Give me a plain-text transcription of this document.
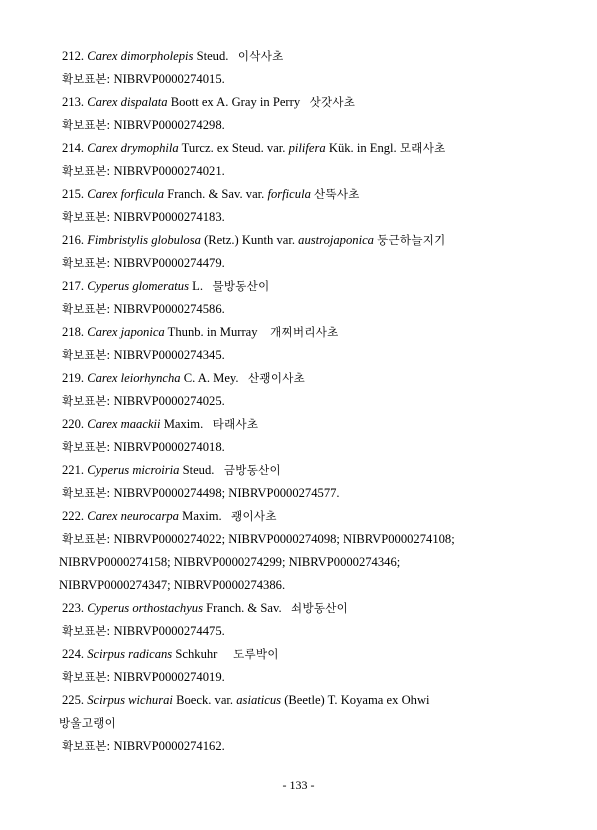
212. Carex dimorpholepis Steud. 이삭사초
확보표본: NIBRVP0000274015.
213. Carex dispalata Boott ex A. Gray in Perry 삿갓사초
확보표본: NIBRVP0000274298.
214. Carex drymophila Turcz. ex Steud. var. pilifera Kük. in Engl. 모래사초
확보표본: NIBRVP0000274021.
215. Carex forficula Franch. & Sav. var. forficula 산뚝사초
확보표본: NIBRVP0000274183.
216. Fimbristylis globulosa (Retz.) Kunth var. austrojaponica 둥근하늘지기
확보표본: NIBRVP0000274479.
217. Cyperus glomeratus L. 물방동산이
확보표본: NIBRVP0000274586.
218. Carex japonica Thunb. in Murray 개찌버리사초
확보표본: NIBRVP0000274345.
219. Carex leiorhyncha C. A. Mey. 산괭이사초
확보표본: NIBRVP0000274025.
220. Carex maackii Maxim. 타래사초
확보표본: NIBRVP0000274018.
221. Cyperus microiria Steud. 금방동산이
확보표본: NIBRVP0000274498; NIBRVP0000274577.
222. Carex neurocarpa Maxim. 괭이사초
확보표본: NIBRVP0000274022; NIBRVP0000274098; NIBRVP0000274108;
NIBRVP0000274158; NIBRVP0000274299; NIBRVP0000274346;
NIBRVP0000274347; NIBRVP0000274386.
223. Cyperus orthostachyus Franch. & Sav. 쇠방동산이
확보표본: NIBRVP0000274475.
224. Scirpus radicans Schkuhr 도루박이
확보표본: NIBRVP0000274019.
225. Scirpus wichurai Boeck. var. asiaticus (Beetle) T. Koyama ex Ohwi
방울고랭이
확보표본: NIBRVP0000274162.
- 133 -
